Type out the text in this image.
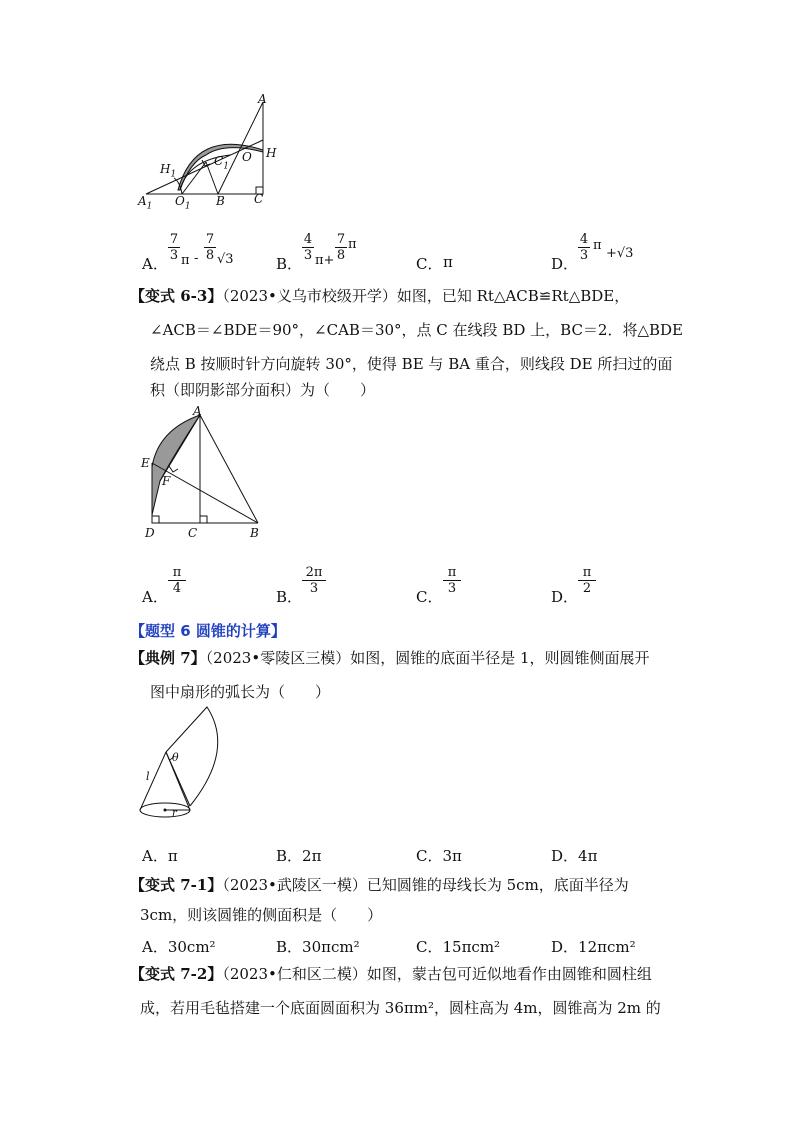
A
H
O
C
B
$O_1$
$A_1$
$H_1$
$C_1$
A．
$\frac{7}{3}$ π - $\frac{7}{8} √3$	B．
$\frac{4}{3} \pi+ \frac{7}{8}$ π
C． π	D．
$\frac{4}{3}$ π
+√3
【变式 6-3】（2023•义乌市校级开学）如图，已知 Rt△ACB≌Rt△BDE，
∠ACB＝∠BDE＝90°，∠CAB＝30°，点 C 在线段 BD 上，BC＝2．将△BDE
绕点 B 按顺时针方向旋转 30°，使得 BE 与 BA 重合，则线段 DE 所扫过的面
积（即阴影部分面积）为（　　）
A
E
F
D	C	B
A．
$\frac{\pi}{4}$
B．
$\frac{2\pi}{3}$
C．
$\frac{\pi}{3}$
D．
$\frac{\pi}{2}$
【题型 6 圆锥的计算】
【典例 7】（2023•零陵区三模）如图，圆锥的底面半径是 1，则圆锥侧面展开
图中扇形的弧长为（　　）
θ
l
r
A．π	B．2π	C．3π	D．4π
【变式 7-1】（2023•武陵区一模）已知圆锥的母线长为 5cm，底面半径为
3cm，则该圆锥的侧面积是（　　）
A．30cm²	B．30πcm²	C．15πcm²	D．12πcm²
【变式 7-2】（2023•仁和区二模）如图，蒙古包可近似地看作由圆锥和圆柱组
成，若用毛毡搭建一个底面圆面积为 36πm²，圆柱高为 4m，圆锥高为 2m 的
